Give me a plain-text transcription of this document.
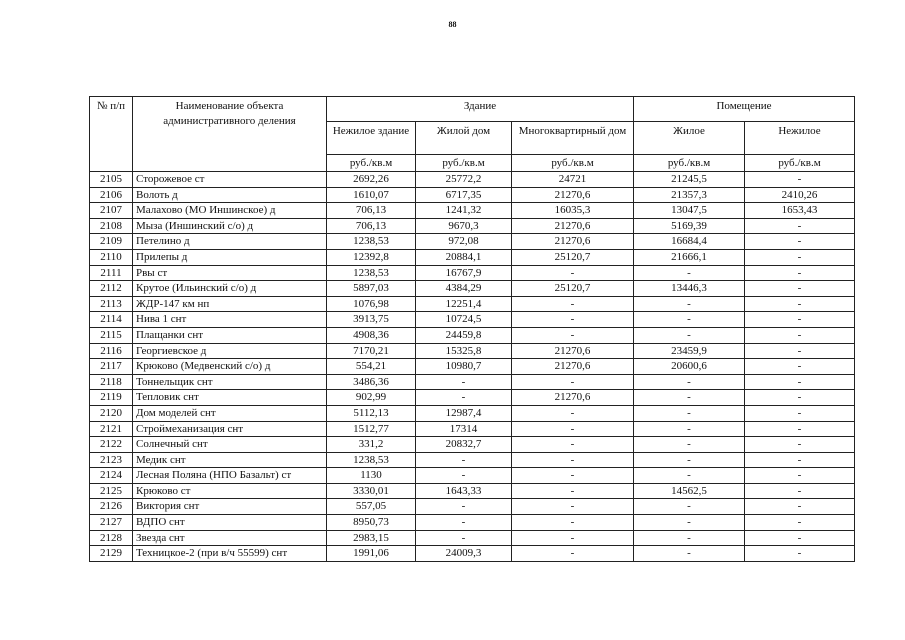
88
№ п/п	Наименование объекта административного деления	Здание			Помещение	
		Нежилое здание	Жилой дом	Многоквартирный дом	Жилое	Нежилое
		руб./кв.м	руб./кв.м	руб./кв.м	руб./кв.м	руб./кв.м
2105	Сторожевое ст	2692,26	25772,2	24721	21245,5	-
2106	Волоть д	1610,07	6717,35	21270,6	21357,3	2410,26
2107	Малахово (МО Иншинское) д	706,13	1241,32	16035,3	13047,5	1653,43
2108	Мыза (Иншинский с/о) д	706,13	9670,3	21270,6	5169,39	-
2109	Петелино д	1238,53	972,08	21270,6	16684,4	-
2110	Прилепы д	12392,8	20884,1	25120,7	21666,1	-
2111	Рвы ст	1238,53	16767,9	-	-	-
2112	Крутое (Ильинский с/о) д	5897,03	4384,29	25120,7	13446,3	-
2113	ЖДР-147 км нп	1076,98	12251,4	-	-	-
2114	Нива 1 снт	3913,75	10724,5	-	-	-
2115	Плащанки снт	4908,36	24459,8	-	-	-
2116	Георгиевское д	7170,21	15325,8	21270,6	23459,9	-
2117	Крюково (Медвенский с/о) д	554,21	10980,7	21270,6	20600,6	-
2118	Тоннельщик снт	3486,36	-	-	-	-
2119	Тепловик снт	902,99	-	21270,6	-	-
2120	Дом моделей снт	5112,13	12987,4	-	-	-
2121	Строймеханизация снт	1512,77	17314	-	-	-
2122	Солнечный снт	331,2	20832,7	-	-	-
2123	Медик снт	1238,53	-	-	-	-
2124	Лесная Поляна (НПО Базальт) ст	1130	-	-	-	-
2125	Крюково ст	3330,01	1643,33	-	14562,5	-
2126	Виктория снт	557,05	-	-	-	-
2127	ВДПО снт	8950,73	-	-	-	-
2128	Звезда снт	2983,15	-	-	-	-
2129	Техницкое-2 (при в/ч 55599) снт	1991,06	24009,3	-	-	-
